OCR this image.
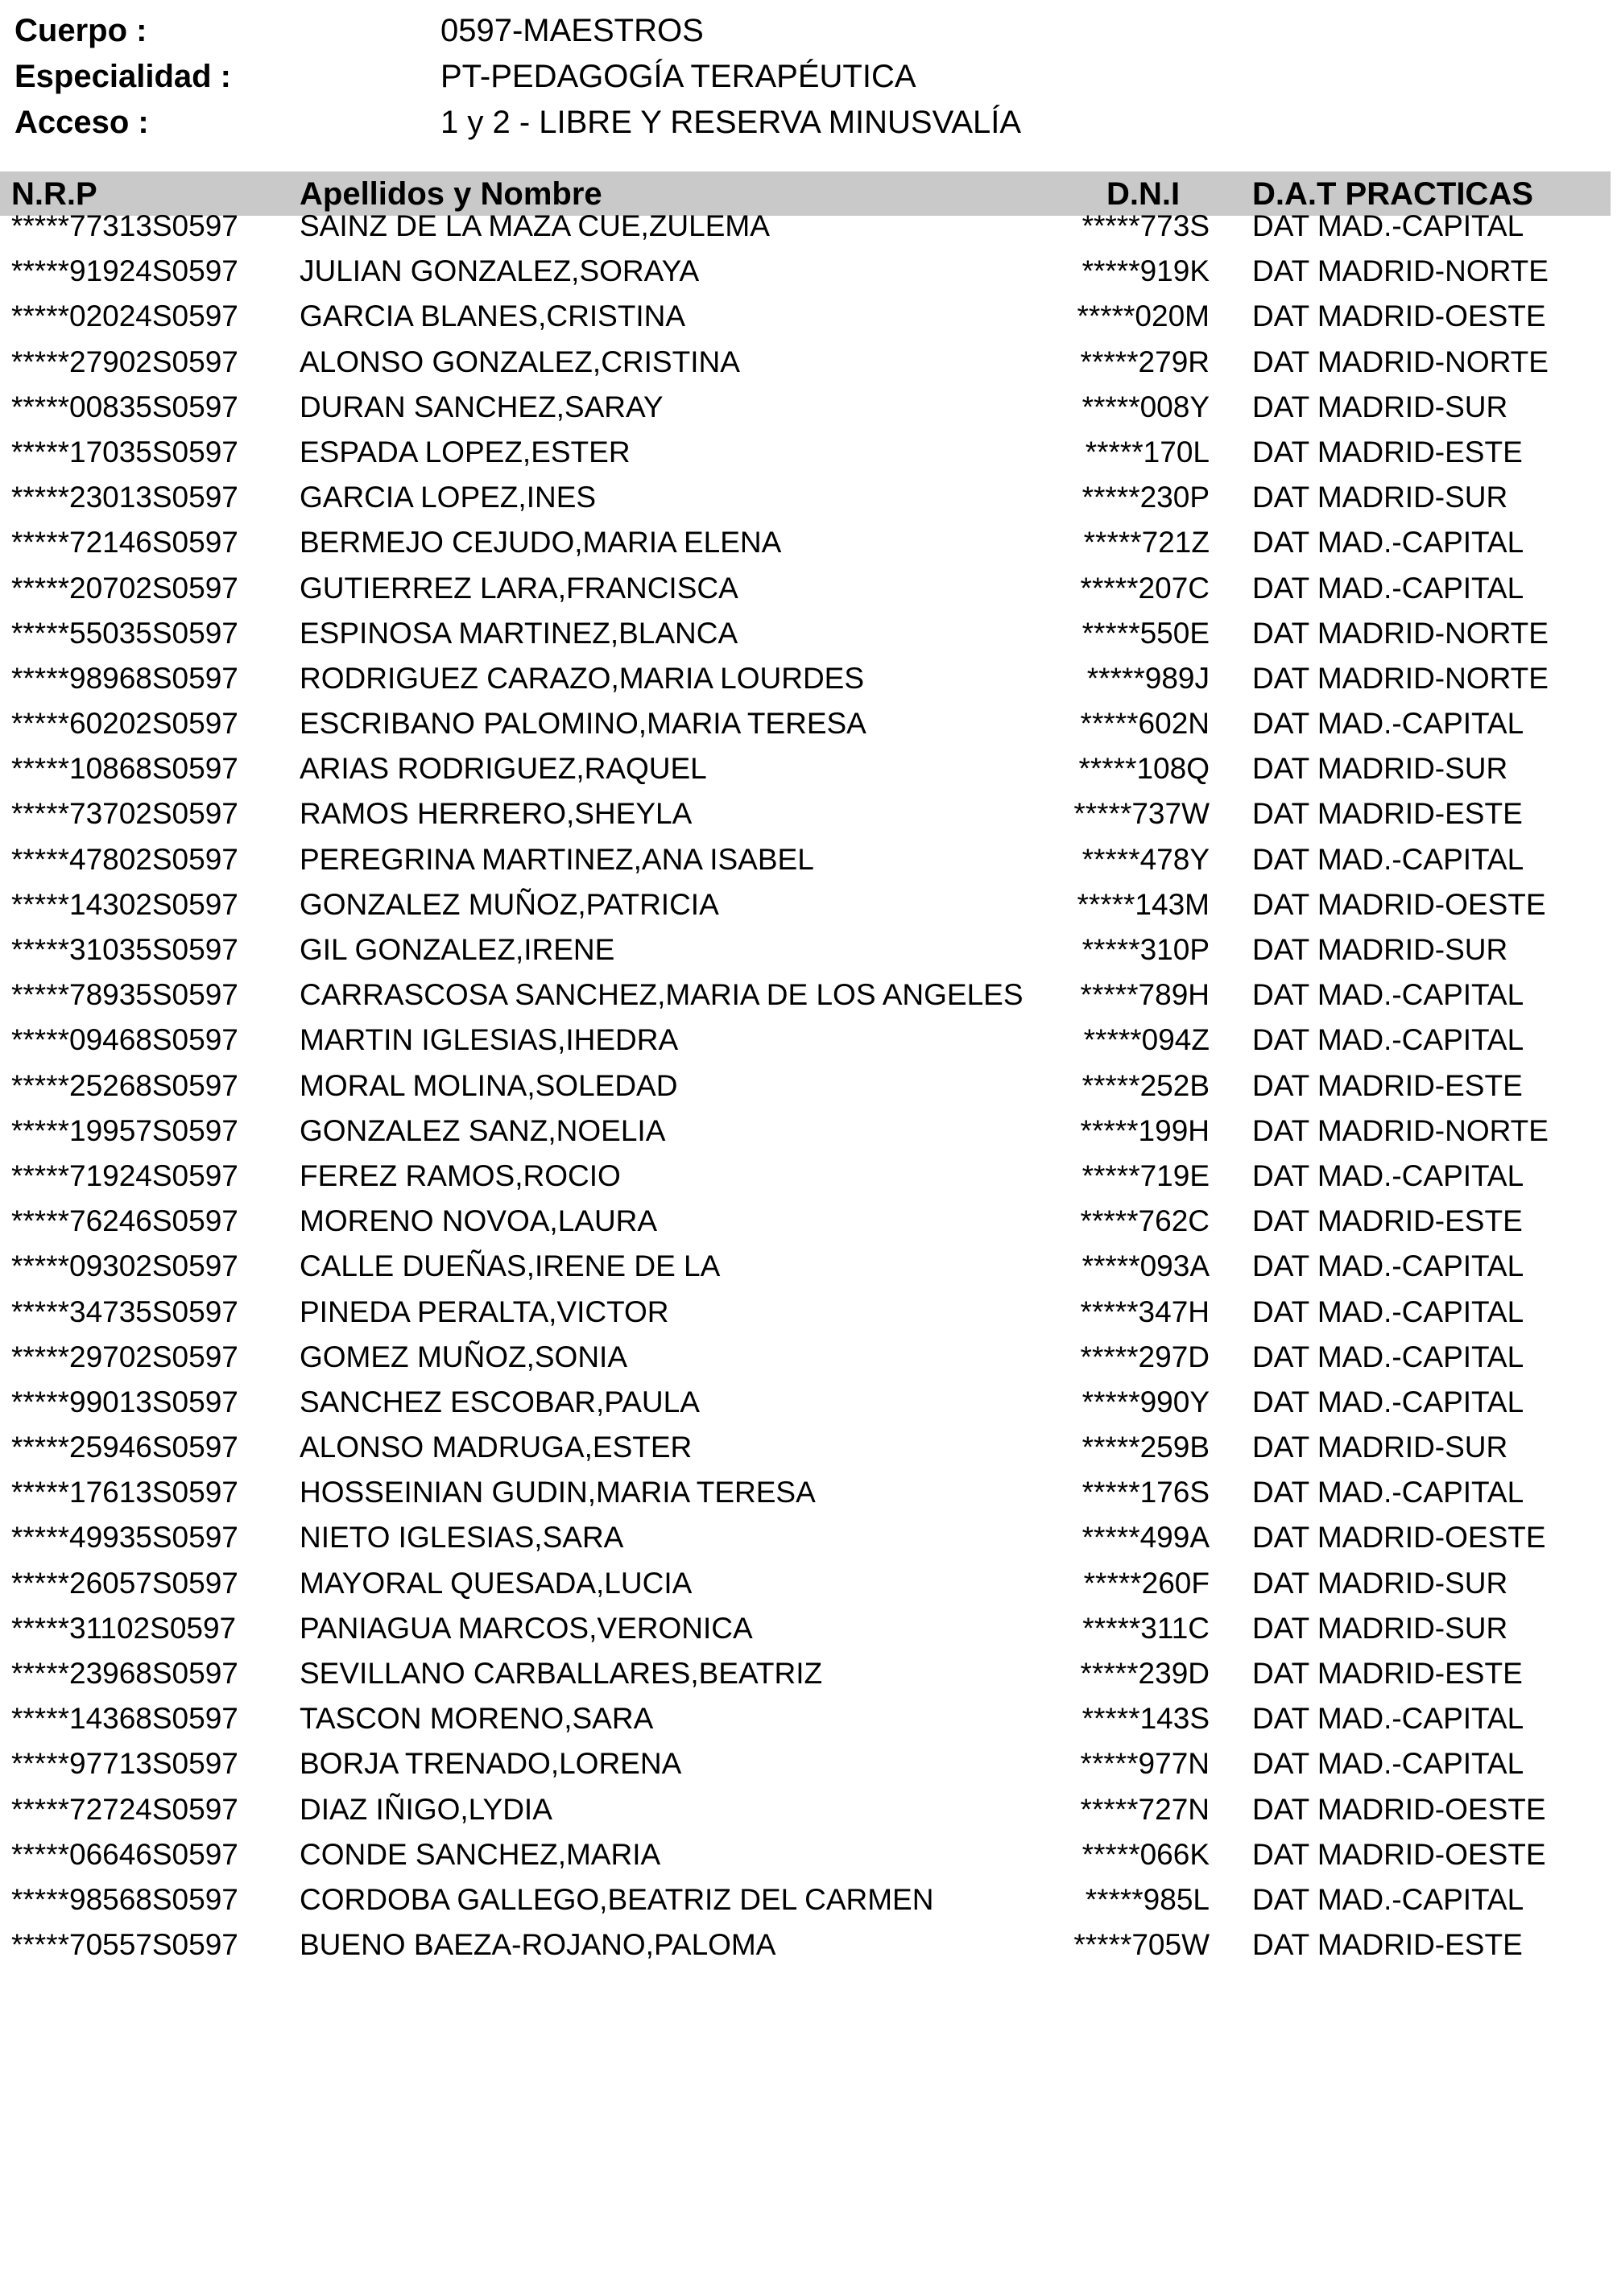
Cuerpo :	0597-MAESTROS
Especialidad :	PT-PEDAGOGÍA TERAPÉUTICA
Acceso :	1 y 2 - LIBRE Y RESERVA MINUSVALÍA
N.R.P	Apellidos y Nombre	D.N.I D.A.T PRACTICAS
*****77313S0597 SAINZ DE LA MAZA CUE,ZULEMA	*****773S DAT MAD.-CAPITAL
*****91924S0597 JULIAN GONZALEZ,SORAYA	*****919K DAT MADRID-NORTE
*****02024S0597 GARCIA BLANES,CRISTINA	*****020M DAT MADRID-OESTE
*****27902S0597 ALONSO GONZALEZ,CRISTINA	*****279R DAT MADRID-NORTE
*****00835S0597 DURAN SANCHEZ,SARAY	*****008Y DAT MADRID-SUR
*****17035S0597 ESPADA LOPEZ,ESTER	*****170L DAT MADRID-ESTE
*****23013S0597 GARCIA LOPEZ,INES	*****230P DAT MADRID-SUR
*****72146S0597 BERMEJO CEJUDO,MARIA ELENA	*****721Z DAT MAD.-CAPITAL
*****20702S0597 GUTIERREZ LARA,FRANCISCA	*****207C DAT MAD.-CAPITAL
*****55035S0597 ESPINOSA MARTINEZ,BLANCA	*****550E DAT MADRID-NORTE
*****98968S0597 RODRIGUEZ CARAZO,MARIA LOURDES	*****989J DAT MADRID-NORTE
*****60202S0597 ESCRIBANO PALOMINO,MARIA TERESA	*****602N DAT MAD.-CAPITAL
*****10868S0597 ARIAS RODRIGUEZ,RAQUEL	*****108Q DAT MADRID-SUR
*****73702S0597 RAMOS HERRERO,SHEYLA	*****737W DAT MADRID-ESTE
*****47802S0597 PEREGRINA MARTINEZ,ANA ISABEL	*****478Y DAT MAD.-CAPITAL
*****14302S0597 GONZALEZ MUÑOZ,PATRICIA	*****143M DAT MADRID-OESTE
*****31035S0597 GIL GONZALEZ,IRENE	*****310P DAT MADRID-SUR
*****78935S0597 CARRASCOSA SANCHEZ,MARIA DE LOS ANGELES *****789H DAT MAD.-CAPITAL
*****09468S0597 MARTIN IGLESIAS,IHEDRA	*****094Z DAT MAD.-CAPITAL
*****25268S0597 MORAL MOLINA,SOLEDAD	*****252B DAT MADRID-ESTE
*****19957S0597 GONZALEZ SANZ,NOELIA	*****199H DAT MADRID-NORTE
*****71924S0597 FEREZ RAMOS,ROCIO	*****719E DAT MAD.-CAPITAL
*****76246S0597 MORENO NOVOA,LAURA	*****762C DAT MADRID-ESTE
*****09302S0597 CALLE DUEÑAS,IRENE DE LA	*****093A DAT MAD.-CAPITAL
*****34735S0597 PINEDA PERALTA,VICTOR	*****347H DAT MAD.-CAPITAL
*****29702S0597 GOMEZ MUÑOZ,SONIA	*****297D DAT MAD.-CAPITAL
*****99013S0597 SANCHEZ ESCOBAR,PAULA	*****990Y DAT MAD.-CAPITAL
*****25946S0597 ALONSO MADRUGA,ESTER	*****259B DAT MADRID-SUR
*****17613S0597 HOSSEINIAN GUDIN,MARIA TERESA	*****176S DAT MAD.-CAPITAL
*****49935S0597 NIETO IGLESIAS,SARA	*****499A DAT MADRID-OESTE
*****26057S0597 MAYORAL QUESADA,LUCIA	*****260F DAT MADRID-SUR
*****31102S0597 PANIAGUA MARCOS,VERONICA	*****311C DAT MADRID-SUR
*****23968S0597 SEVILLANO CARBALLARES,BEATRIZ	*****239D DAT MADRID-ESTE
*****14368S0597 TASCON MORENO,SARA	*****143S DAT MAD.-CAPITAL
*****97713S0597 BORJA TRENADO,LORENA	*****977N DAT MAD.-CAPITAL
*****72724S0597 DIAZ IÑIGO,LYDIA	*****727N DAT MADRID-OESTE
*****06646S0597 CONDE SANCHEZ,MARIA	*****066K DAT MADRID-OESTE
*****98568S0597 CORDOBA GALLEGO,BEATRIZ DEL CARMEN	*****985L DAT MAD.-CAPITAL
*****70557S0597 BUENO BAEZA-ROJANO,PALOMA	*****705W DAT MADRID-ESTE
